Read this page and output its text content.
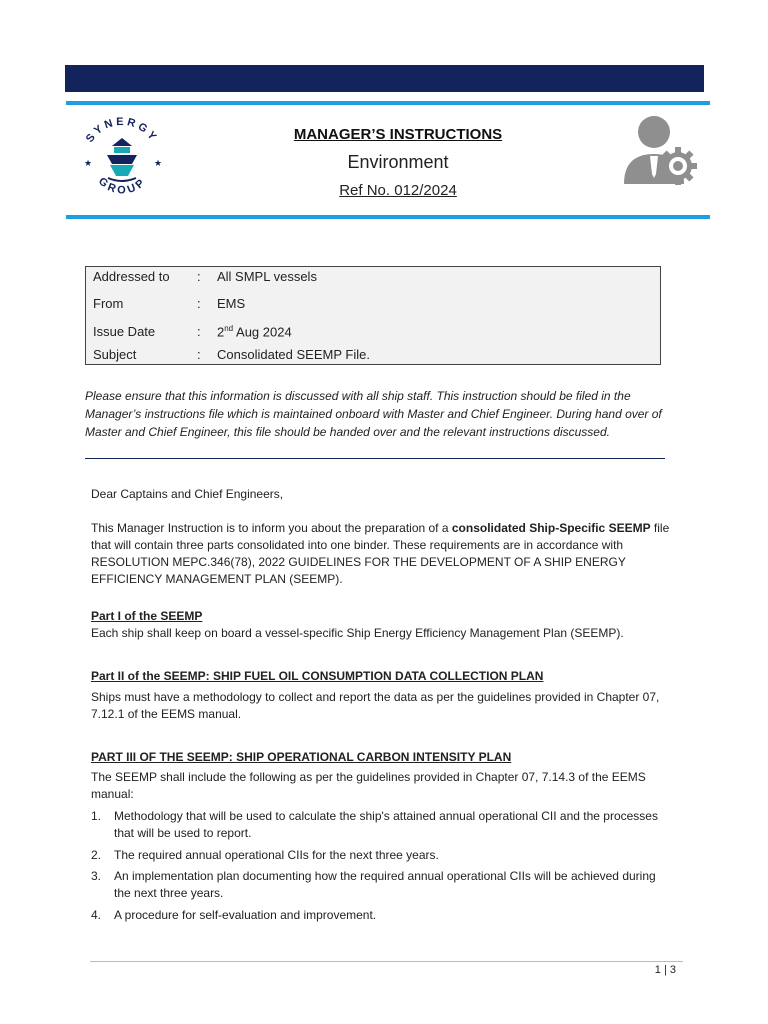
SYNERGY
GROUP
★	★
MANAGER’S INSTRUCTIONS
Environment
Ref No. 012/2024
Addressed to : All SMPL vessels
From	: EMS
Issue Date	: 2nd Aug 2024
Subject	: Consolidated SEEMP File.
Please ensure that this information is discussed with all ship staff. This instruction should be filed in the Manager’s instructions file which is maintained onboard with Master and Chief Engineer. During hand over of Master and Chief Engineer, this file should be handed over and the relevant instructions discussed.
Dear Captains and Chief Engineers,
This Manager Instruction is to inform you about the preparation of a consolidated Ship-Specific SEEMP file that will contain three parts consolidated into one binder. These requirements are in accordance with RESOLUTION MEPC.346(78), 2022 GUIDELINES FOR THE DEVELOPMENT OF A SHIP ENERGY EFFICIENCY MANAGEMENT PLAN (SEEMP).
Part I of the SEEMP
Each ship shall keep on board a vessel-specific Ship Energy Efficiency Management Plan (SEEMP).
Part II of the SEEMP: SHIP FUEL OIL CONSUMPTION DATA COLLECTION PLAN
Ships must have a methodology to collect and report the data as per the guidelines provided in Chapter 07, 7.12.1 of the EEMS manual.
PART III OF THE SEEMP: SHIP OPERATIONAL CARBON INTENSITY PLAN
The SEEMP shall include the following as per the guidelines provided in Chapter 07, 7.14.3 of the EEMS manual:
1. Methodology that will be used to calculate the ship's attained annual operational CII and the processes that will be used to report.
2. The required annual operational CIIs for the next three years.
3. An implementation plan documenting how the required annual operational CIIs will be achieved during the next three years.
4. A procedure for self-evaluation and improvement.
1 | 3
